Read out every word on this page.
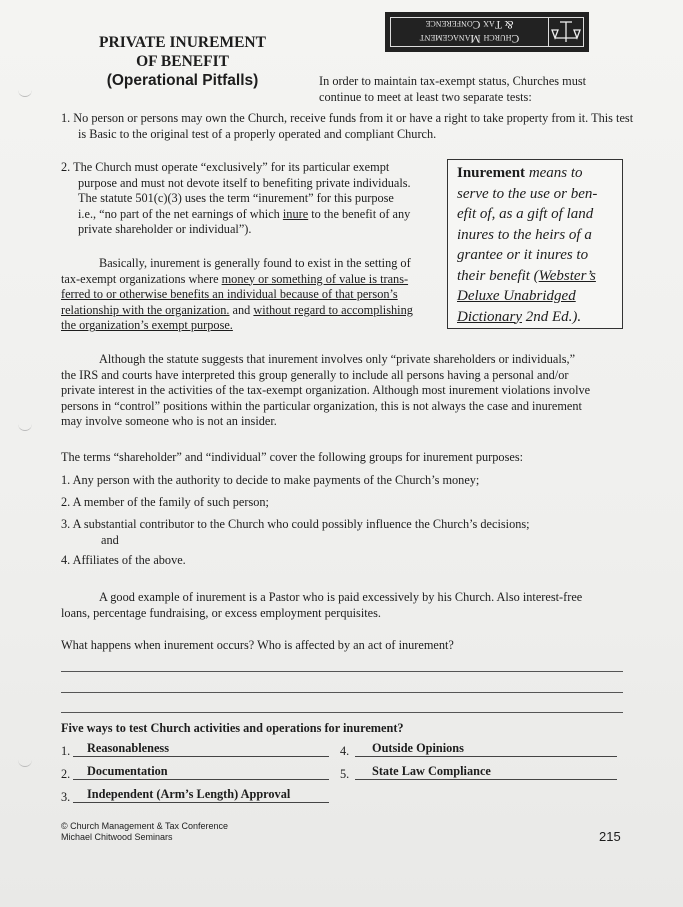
PRIVATE INUREMENT
OF BENEFIT
(Operational Pitfalls)
Church Management
& Tax Conference
In order to maintain tax-exempt status, Churches must continue to meet at least two separate tests:
1. No person or persons may own the Church, receive funds from it or have a right to take property from it. This test is Basic to the original test of a properly operated and compliant Church.
2. The Church must operate “exclusively” for its particular exempt
purpose and must not devote itself to benefiting private individuals.
The statute 501(c)(3) uses the term “inurement” for this purpose
i.e., “no part of the net earnings of which inure to the benefit of any
private shareholder or individual”).
Basically, inurement is generally found to exist in the setting of
tax-exempt organizations where money or something of value is trans-
ferred to or otherwise benefits an individual because of that person’s
relationship with the organization. and without regard to accomplishing
the organization’s exempt purpose.
Inurement means to
serve to the use or ben-
efit of, as a gift of land
inures to the heirs of a
grantee or it inures to
their benefit (Webster’s
Deluxe Unabridged
Dictionary 2nd Ed.).
Although the statute suggests that inurement involves only “private shareholders or individuals,”
the IRS and courts have interpreted this group generally to include all persons having a personal and/or
private interest in the activities of the tax-exempt organization. Although most inurement violations involve
persons in “control” positions within the particular organization, this is not always the case and inurement
may involve someone who is not an insider.
The terms “shareholder” and “individual” cover the following groups for inurement purposes:
1. Any person with the authority to decide to make payments of the Church’s money;
2. A member of the family of such person;
3. A substantial contributor to the Church who could possibly influence the Church’s decisions;
and
4. Affiliates of the above.
A good example of inurement is a Pastor who is paid excessively by his Church. Also interest-free
loans, percentage fundraising, or excess employment perquisites.
What happens when inurement occurs? Who is affected by an act of inurement?
Five ways to test Church activities and operations for inurement?
1.	Reasonableness
2.	Documentation
3.	Independent (Arm’s Length) Approval
4.	Outside Opinions
5.	State Law Compliance
© Church Management & Tax Conference
Michael Chitwood Seminars	215
